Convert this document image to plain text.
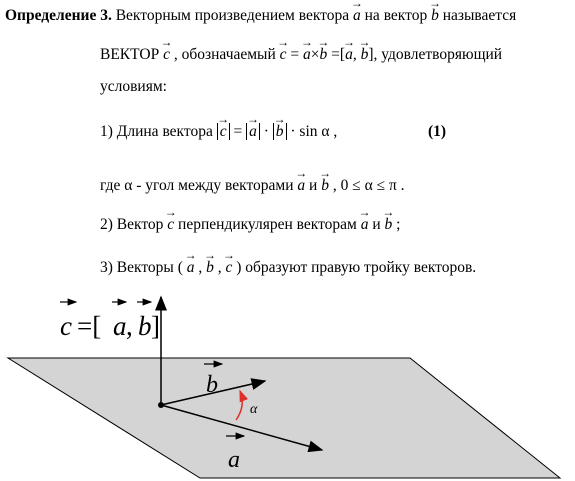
Определение 3. Векторным произведением вектора → a на вектор → b называется
ВЕКТОР → c , обозначаемый → c = → a×→ b =[→ a, → b], удовлетворяющий
условиям:
1) Длина вектора → c = → a · → b · sin α ,	(1)
где α - угол между векторами → a и → b , 0 ≤ α ≤ π .
2) Вектор → c перпендикулярен векторам → a и → b ;
3) Векторы ( → a , → b , → c ) образуют правую тройку векторов.
α
c =[ a , b ]
b
a
